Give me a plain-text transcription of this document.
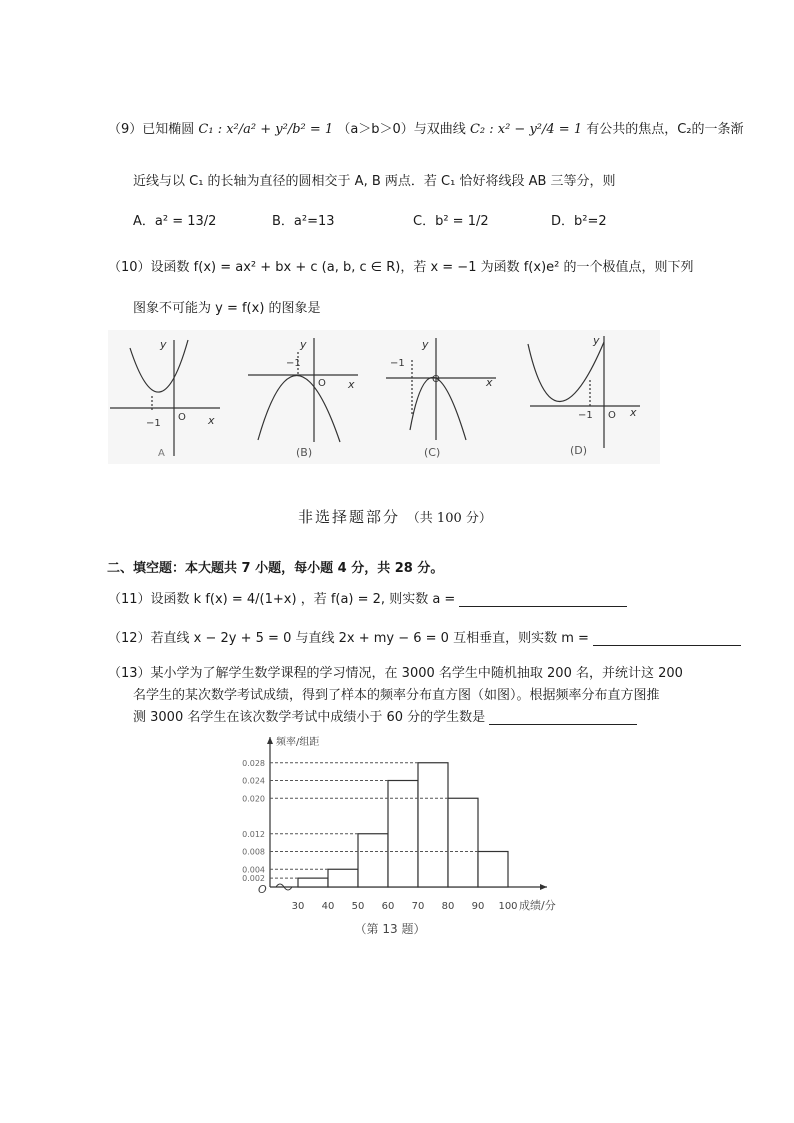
（9）已知椭圆 C₁ : x²/a² + y²/b² = 1 （a＞b＞0）与双曲线 C₂ : x² − y²/4 = 1 有公共的焦点，C₂的一条渐
近线与以 C₁ 的长轴为直径的圆相交于 A, B 两点．若 C₁ 恰好将线段 AB 三等分，则
A．a² = 13/2	B．a²=13	C．b² = 1/2	D．b²=2
（10）设函数 f(x) = ax² + bx + c (a, b, c ∈ R)，若 x = −1 为函数 f(x)e² 的一个极值点，则下列
图象不可能为 y = f(x) 的图象是
y
x
O
−1
A
y
x
O
−1
(B)
y
x
O
−1
(C)
y
x
O
−1
(D)
非选择题部分 （共 100 分）
二、填空题：本大题共 7 小题，每小题 4 分，共 28 分。
（11）设函数 k f(x) = 4/(1+x) ，若 f(a) = 2, 则实数 a =
（12）若直线 x − 2y + 5 = 0 与直线 2x + my − 6 = 0 互相垂直，则实数 m =
（13）某小学为了解学生数学课程的学习情况，在 3000 名学生中随机抽取 200 名，并统计这 200
名学生的某次数学考试成绩，得到了样本的频率分布直方图（如图）。根据频率分布直方图推
测 3000 名学生在该次数学考试中成绩小于 60 分的学生数是
频率/组距
成绩/分
O
0.028
0.024
0.020
0.012
0.008
0.004
0.002
30 40 50 60 70 80 90 100
（第 13 题）
